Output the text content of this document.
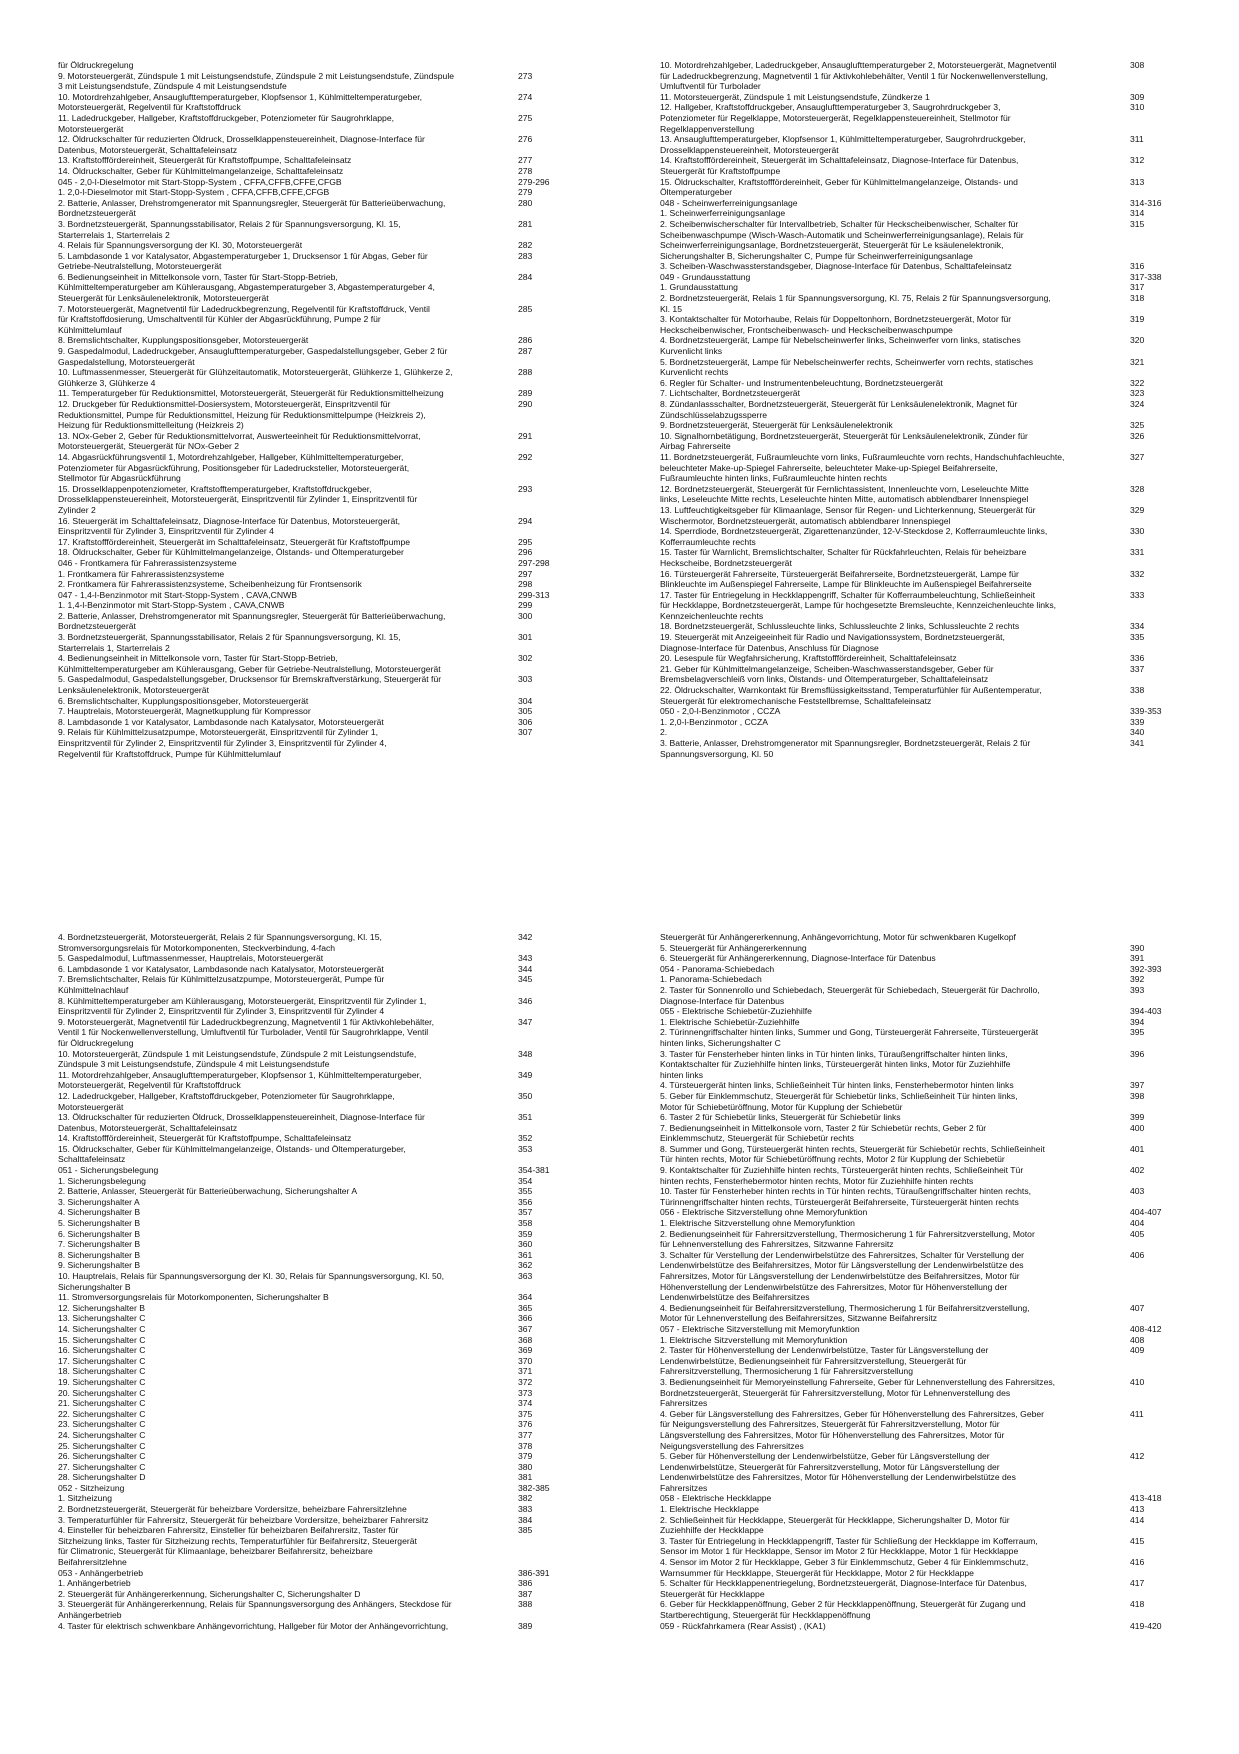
für Öldruckregelung
9. Motorsteuergerät, Zündspule 1 mit Leistungsendstufe, Zündspule 2 mit Leistungsendstufe, Zündspule	273
3 mit Leistungsendstufe, Zündspule 4 mit Leistungsendstufe
10. Motordrehzahlgeber, Ansauglufttemperaturgeber, Klopfsensor 1, Kühlmitteltemperaturgeber,	274
Motorsteuergerät, Regelventil für Kraftstoffdruck
11. Ladedruckgeber, Hallgeber, Kraftstoffdruckgeber, Potenziometer für Saugrohrklappe,	275
Motorsteuergerät
12. Öldruckschalter für reduzierten Öldruck, Drosselklappensteuereinheit, Diagnose-Interface für	276
Datenbus, Motorsteuergerät, Schalttafeleinsatz
13. Kraftstofffördereinheit, Steuergerät für Kraftstoffpumpe, Schalttafeleinsatz	277
14. Öldruckschalter, Geber für Kühlmittelmangelanzeige, Schalttafeleinsatz	278
045 - 2,0-l-Dieselmotor mit Start-Stopp-System , CFFA,CFFB,CFFE,CFGB	279-296
1. 2,0-l-Dieselmotor mit Start-Stopp-System , CFFA,CFFB,CFFE,CFGB	279
2. Batterie, Anlasser, Drehstromgenerator mit Spannungsregler, Steuergerät für Batterieüberwachung,	280
Bordnetzsteuergerät
3. Bordnetzsteuergerät, Spannungsstabilisator, Relais 2 für Spannungsversorgung, Kl. 15,	281
Starterrelais 1, Starterrelais 2
4. Relais für Spannungsversorgung der Kl. 30, Motorsteuergerät	282
5. Lambdasonde 1 vor Katalysator, Abgastemperaturgeber 1, Drucksensor 1 für Abgas, Geber für	283
Getriebe-Neutralstellung, Motorsteuergerät
6. Bedienungseinheit in Mittelkonsole vorn, Taster für Start-Stopp-Betrieb,	284
Kühlmitteltemperaturgeber am Kühlerausgang, Abgastemperaturgeber 3, Abgastemperaturgeber 4,
Steuergerät für Lenksäulenelektronik, Motorsteuergerät
7. Motorsteuergerät, Magnetventil für Ladedruckbegrenzung, Regelventil für Kraftstoffdruck, Ventil	285
für Kraftstoffdosierung, Umschaltventil für Kühler der Abgasrückführung, Pumpe 2 für
Kühlmittelumlauf
8. Bremslichtschalter, Kupplungspositionsgeber, Motorsteuergerät	286
9. Gaspedalmodul, Ladedruckgeber, Ansauglufttemperaturgeber, Gaspedalstellungsgeber, Geber 2 für	287
Gaspedalstellung, Motorsteuergerät
10. Luftmassenmesser, Steuergerät für Glühzeitautomatik, Motorsteuergerät, Glühkerze 1, Glühkerze 2,	288
Glühkerze 3, Glühkerze 4
11. Temperaturgeber für Reduktionsmittel, Motorsteuergerät, Steuergerät für Reduktionsmittelheizung	289
12. Druckgeber für Reduktionsmittel-Dosiersystem, Motorsteuergerät, Einspritzventil für	290
Reduktionsmittel, Pumpe für Reduktionsmittel, Heizung für Reduktionsmittelpumpe (Heizkreis 2),
Heizung für Reduktionsmittelleitung (Heizkreis 2)
13. NOx-Geber 2, Geber für Reduktionsmittelvorrat, Auswerteeinheit für Reduktionsmittelvorrat,	291
Motorsteuergerät, Steuergerät für NOx-Geber 2
14. Abgasrückführungsventil 1, Motordrehzahlgeber, Hallgeber, Kühlmitteltemperaturgeber,	292
Potenziometer für Abgasrückführung, Positionsgeber für Ladedrucksteller, Motorsteuergerät,
Stellmotor für Abgasrückführung
15. Drosselklappenpotenziometer, Kraftstofftemperaturgeber, Kraftstoffdruckgeber,	293
Drosselklappensteuereinheit, Motorsteuergerät, Einspritzventil für Zylinder 1, Einspritzventil für
Zylinder 2
16. Steuergerät im Schalttafeleinsatz, Diagnose-Interface für Datenbus, Motorsteuergerät,	294
Einspritzventil für Zylinder 3, Einspritzventil für Zylinder 4
17. Kraftstofffördereinheit, Steuergerät im Schalttafeleinsatz, Steuergerät für Kraftstoffpumpe	295
18. Öldruckschalter, Geber für Kühlmittelmangelanzeige, Ölstands- und Öltemperaturgeber	296
046 - Frontkamera für Fahrerassistenzsysteme	297-298
1. Frontkamera für Fahrerassistenzsysteme	297
2. Frontkamera für Fahrerassistenzsysteme, Scheibenheizung für Frontsensorik	298
047 - 1,4-l-Benzinmotor mit Start-Stopp-System , CAVA,CNWB	299-313
1. 1,4-l-Benzinmotor mit Start-Stopp-System , CAVA,CNWB	299
2. Batterie, Anlasser, Drehstromgenerator mit Spannungsregler, Steuergerät für Batterieüberwachung,	300
Bordnetzsteuergerät
3. Bordnetzsteuergerät, Spannungsstabilisator, Relais 2 für Spannungsversorgung, Kl. 15,	301
Starterrelais 1, Starterrelais 2
4. Bedienungseinheit in Mittelkonsole vorn, Taster für Start-Stopp-Betrieb,	302
Kühlmitteltemperaturgeber am Kühlerausgang, Geber für Getriebe-Neutralstellung, Motorsteuergerät
5. Gaspedalmodul, Gaspedalstellungsgeber, Drucksensor für Bremskraftverstärkung, Steuergerät für	303
Lenksäulenelektronik, Motorsteuergerät
6. Bremslichtschalter, Kupplungspositionsgeber, Motorsteuergerät	304
7. Hauptrelais, Motorsteuergerät, Magnetkupplung für Kompressor	305
8. Lambdasonde 1 vor Katalysator, Lambdasonde nach Katalysator, Motorsteuergerät	306
9. Relais für Kühlmittelzusatzpumpe, Motorsteuergerät, Einspritzventil für Zylinder 1,	307
Einspritzventil für Zylinder 2, Einspritzventil für Zylinder 3, Einspritzventil für Zylinder 4,
Regelventil für Kraftstoffdruck, Pumpe für Kühlmittelumlauf
10. Motordrehzahlgeber, Ladedruckgeber, Ansauglufttemperaturgeber 2, Motorsteuergerät, Magnetventil	308
für Ladedruckbegrenzung, Magnetventil 1 für Aktivkohlebehälter, Ventil 1 für Nockenwellenverstellung,
Umluftventil für Turbolader
11. Motorsteuergerät, Zündspule 1 mit Leistungsendstufe, Zündkerze 1	309
12. Hallgeber, Kraftstoffdruckgeber, Ansauglufttemperaturgeber 3, Saugrohrdruckgeber 3,	310
Potenziometer für Regelklappe, Motorsteuergerät, Regelklappensteuereinheit, Stellmotor für
Regelklappenverstellung
13. Ansauglufttemperaturgeber, Klopfsensor 1, Kühlmitteltemperaturgeber, Saugrohrdruckgeber,	311
Drosselklappensteuereinheit, Motorsteuergerät
14. Kraftstofffördereinheit, Steuergerät im Schalttafeleinsatz, Diagnose-Interface für Datenbus,	312
Steuergerät für Kraftstoffpumpe
15. Öldruckschalter, Kraftstofffördereinheit, Geber für Kühlmittelmangelanzeige, Ölstands- und	313
Öltemperaturgeber
048 - Scheinwerferreinigungsanlage	314-316
1. Scheinwerferreinigungsanlage	314
2. Scheibenwischerschalter für Intervallbetrieb, Schalter für Heckscheibenwischer, Schalter für	315
Scheibenwaschpumpe (Wisch-Wasch-Automatik und Scheinwerferreinigungsanlage), Relais für
Scheinwerferreinigungsanlage, Bordnetzsteuergerät, Steuergerät für Le ksäulenelektronik,
Sicherungshalter B, Sicherungshalter C, Pumpe für Scheinwerferreinigungsanlage
3. Scheiben-Waschwassterstandsgeber, Diagnose-Interface für Datenbus, Schalttafeleinsatz	316
049 - Grundausstattung	317-338
1. Grundausstattung	317
2. Bordnetzsteuergerät, Relais 1 für Spannungsversorgung, Kl. 75, Relais 2 für Spannungsversorgung,	318
Kl. 15
3. Kontaktschalter für Motorhaube, Relais für Doppeltonhorn, Bordnetzsteuergerät, Motor für	319
Heckscheibenwischer, Frontscheibenwasch- und Heckscheibenwaschpumpe
4. Bordnetzsteuergerät, Lampe für Nebelscheinwerfer links, Scheinwerfer vorn links, statisches	320
Kurvenlicht links
5. Bordnetzsteuergerät, Lampe für Nebelscheinwerfer rechts, Scheinwerfer vorn rechts, statisches	321
Kurvenlicht rechts
6. Regler für Schalter- und Instrumentenbeleuchtung, Bordnetzsteuergerät	322
7. Lichtschalter, Bordnetzsteuergerät	323
8. Zündanlassschalter, Bordnetzsteuergerät, Steuergerät für Lenksäulenelektronik, Magnet für	324
Zündschlüsselabzugssperre
9. Bordnetzsteuergerät, Steuergerät für Lenksäulenelektronik	325
10. Signalhornbetätigung, Bordnetzsteuergerät, Steuergerät für Lenksäulenelektronik, Zünder für	326
Airbag Fahrerseite
11. Bordnetzsteuergerät, Fußraumleuchte vorn links, Fußraumleuchte vorn rechts, Handschuhfachleuchte,	327
beleuchteter Make-up-Spiegel Fahrerseite, beleuchteter Make-up-Spiegel Beifahrerseite,
Fußraumleuchte hinten links, Fußraumleuchte hinten rechts
12. Bordnetzsteuergerät, Steuergerät für Fernlichtassistent, Innenleuchte vorn, Leseleuchte Mitte	328
links, Leseleuchte Mitte rechts, Leseleuchte hinten Mitte, automatisch abblendbarer Innenspiegel
13. Luftfeuchtigkeitsgeber für Klimaanlage, Sensor für Regen- und Lichterkennung, Steuergerät für	329
Wischermotor, Bordnetzsteuergerät, automatisch abblendbarer Innenspiegel
14. Sperrdiode, Bordnetzsteuergerät, Zigarettenanzünder, 12-V-Steckdose 2, Kofferraumleuchte links,	330
Kofferraumleuchte rechts
15. Taster für Warnlicht, Bremslichtschalter, Schalter für Rückfahrleuchten, Relais für beheizbare	331
Heckscheibe, Bordnetzsteuergerät
16. Türsteuergerät Fahrerseite, Türsteuergerät Beifahrerseite, Bordnetzsteuergerät, Lampe für	332
Blinkleuchte im Außenspiegel Fahrerseite, Lampe für Blinkleuchte im Außenspiegel Beifahrerseite
17. Taster für Entriegelung in Heckklappengriff, Schalter für Kofferraumbeleuchtung, Schließeinheit	333
für Heckklappe, Bordnetzsteuergerät, Lampe für hochgesetzte Bremsleuchte, Kennzeichenleuchte links,
Kennzeichenleuchte rechts
18. Bordnetzsteuergerät, Schlussleuchte links, Schlussleuchte 2 links, Schlussleuchte 2 rechts	334
19. Steuergerät mit Anzeigeeinheit für Radio und Navigationssystem, Bordnetzsteuergerät,	335
Diagnose-Interface für Datenbus, Anschluss für Diagnose
20. Lesespule für Wegfahrsicherung, Kraftstofffördereinheit, Schalttafeleinsatz	336
21. Geber für Kühlmittelmangelanzeige, Scheiben-Waschwasserstandsgeber, Geber für	337
Bremsbelagverschleiß vorn links, Ölstands- und Öltemperaturgeber, Schalttafeleinsatz
22. Öldruckschalter, Warnkontakt für Bremsflüssigkeitsstand, Temperaturfühler für Außentemperatur,	338
Steuergerät für elektromechanische Feststellbremse, Schalttafeleinsatz
050 - 2,0-l-Benzinmotor , CCZA	339-353
1. 2,0-l-Benzinmotor , CCZA	339
2.	340
3. Batterie, Anlasser, Drehstromgenerator mit Spannungsregler, Bordnetzsteuergerät, Relais 2 für	341
Spannungsversorgung, Kl. 50
4. Bordnetzsteuergerät, Motorsteuergerät, Relais 2 für Spannungsversorgung, Kl. 15,	342
Stromversorgungsrelais für Motorkomponenten, Steckverbindung, 4-fach
5. Gaspedalmodul, Luftmassenmesser, Hauptrelais, Motorsteuergerät	343
6. Lambdasonde 1 vor Katalysator, Lambdasonde nach Katalysator, Motorsteuergerät	344
7. Bremslichtschalter, Relais für Kühlmittelzusatzpumpe, Motorsteuergerät, Pumpe für	345
Kühlmittelnachlauf
8. Kühlmitteltemperaturgeber am Kühlerausgang, Motorsteuergerät, Einspritzventil für Zylinder 1,	346
Einspritzventil für Zylinder 2, Einspritzventil für Zylinder 3, Einspritzventil für Zylinder 4
9. Motorsteuergerät, Magnetventil für Ladedruckbegrenzung, Magnetventil 1 für Aktivkohlebehälter,	347
Ventil 1 für Nockenwellenverstellung, Umluftventil für Turbolader, Ventil für Saugrohrklappe, Ventil
für Öldruckregelung
10. Motorsteuergerät, Zündspule 1 mit Leistungsendstufe, Zündspule 2 mit Leistungsendstufe,	348
Zündspule 3 mit Leistungsendstufe, Zündspule 4 mit Leistungsendstufe
11. Motordrehzahlgeber, Ansauglufttemperaturgeber, Klopfsensor 1, Kühlmitteltemperaturgeber,	349
Motorsteuergerät, Regelventil für Kraftstoffdruck
12. Ladedruckgeber, Hallgeber, Kraftstoffdruckgeber, Potenziometer für Saugrohrklappe,	350
Motorsteuergerät
13. Öldruckschalter für reduzierten Öldruck, Drosselklappensteuereinheit, Diagnose-Interface für	351
Datenbus, Motorsteuergerät, Schalttafeleinsatz
14. Kraftstofffördereinheit, Steuergerät für Kraftstoffpumpe, Schalttafeleinsatz	352
15. Öldruckschalter, Geber für Kühlmittelmangelanzeige, Ölstands- und Öltemperaturgeber,	353
Schalttafeleinsatz
051 - Sicherungsbelegung	354-381
1. Sicherungsbelegung	354
2. Batterie, Anlasser, Steuergerät für Batterieüberwachung, Sicherungshalter A	355
3. Sicherungshalter A	356
4. Sicherungshalter B	357
5. Sicherungshalter B	358
6. Sicherungshalter B	359
7. Sicherungshalter B	360
8. Sicherungshalter B	361
9. Sicherungshalter B	362
10. Hauptrelais, Relais für Spannungsversorgung der Kl. 30, Relais für Spannungsversorgung, Kl. 50,	363
Sicherungshalter B
11. Stromversorgungsrelais für Motorkomponenten, Sicherungshalter B	364
12. Sicherungshalter B	365
13. Sicherungshalter C	366
14. Sicherungshalter C	367
15. Sicherungshalter C	368
16. Sicherungshalter C	369
17. Sicherungshalter C	370
18. Sicherungshalter C	371
19. Sicherungshalter C	372
20. Sicherungshalter C	373
21. Sicherungshalter C	374
22. Sicherungshalter C	375
23. Sicherungshalter C	376
24. Sicherungshalter C	377
25. Sicherungshalter C	378
26. Sicherungshalter C	379
27. Sicherungshalter C	380
28. Sicherungshalter D	381
052 - Sitzheizung	382-385
1. Sitzheizung	382
2. Bordnetzsteuergerät, Steuergerät für beheizbare Vordersitze, beheizbare Fahrersitzlehne	383
3. Temperaturfühler für Fahrersitz, Steuergerät für beheizbare Vordersitze, beheizbarer Fahrersitz	384
4. Einsteller für beheizbaren Fahrersitz, Einsteller für beheizbaren Beifahrersitz, Taster für	385
Sitzheizung links, Taster für Sitzheizung rechts, Temperaturfühler für Beifahrersitz, Steuergerät
für Climatronic, Steuergerät für Klimaanlage, beheizbarer Beifahrersitz, beheizbare
Beifahrersitzlehne
053 - Anhängerbetrieb	386-391
1. Anhängerbetrieb	386
2. Steuergerät für Anhängererkennung, Sicherungshalter C, Sicherungshalter D	387
3. Steuergerät für Anhängererkennung, Relais für Spannungsversorgung des Anhängers, Steckdose für	388
Anhängerbetrieb
4. Taster für elektrisch schwenkbare Anhängevorrichtung, Hallgeber für Motor der Anhängevorrichtung,	389
Steuergerät für Anhängererkennung, Anhängevorrichtung, Motor für schwenkbaren Kugelkopf
5. Steuergerät für Anhängererkennung	390
6. Steuergerät für Anhängererkennung, Diagnose-Interface für Datenbus	391
054 - Panorama-Schiebedach	392-393
1. Panorama-Schiebedach	392
2. Taster für Sonnenrollo und Schiebedach, Steuergerät für Schiebedach, Steuergerät für Dachrollo,	393
Diagnose-Interface für Datenbus
055 - Elektrische Schiebetür-Zuziehhilfe	394-403
1. Elektrische Schiebetür-Zuziehhilfe	394
2. Türinnengriffschalter hinten links, Summer und Gong, Türsteuergerät Fahrerseite, Türsteuergerät	395
hinten links, Sicherungshalter C
3. Taster für Fensterheber hinten links in Tür hinten links, Türaußengriffschalter hinten links,	396
Kontaktschalter für Zuziehhilfe hinten links, Türsteuergerät hinten links, Motor für Zuziehhilfe
hinten links
4. Türsteuergerät hinten links, Schließeinheit Tür hinten links, Fensterhebermotor hinten links	397
5. Geber für Einklemmschutz, Steuergerät für Schiebetür links, Schließeinheit Tür hinten links,	398
Motor für Schiebetüröffnung, Motor für Kupplung der Schiebetür
6. Taster 2 für Schiebetür links, Steuergerät für Schiebetür links	399
7. Bedienungseinheit in Mittelkonsole vorn, Taster 2 für Schiebetür rechts, Geber 2 für	400
Einklemmschutz, Steuergerät für Schiebetür rechts
8. Summer und Gong, Türsteuergerät hinten rechts, Steuergerät für Schiebetür rechts, Schließeinheit	401
Tür hinten rechts, Motor für Schiebetüröffnung rechts, Motor 2 für Kupplung der Schiebetür
9. Kontaktschalter für Zuziehhilfe hinten rechts, Türsteuergerät hinten rechts, Schließeinheit Tür	402
hinten rechts, Fensterhebermotor hinten rechts, Motor für Zuziehhilfe hinten rechts
10. Taster für Fensterheber hinten rechts in Tür hinten rechts, Türaußengriffschalter hinten rechts,	403
Türinnengriffschalter hinten rechts, Türsteuergerät Beifahrerseite, Türsteuergerät hinten rechts
056 - Elektrische Sitzverstellung ohne Memoryfunktion	404-407
1. Elektrische Sitzverstellung ohne Memoryfunktion	404
2. Bedienungseinheit für Fahrersitzverstellung, Thermosicherung 1 für Fahrersitzverstellung, Motor	405
für Lehnenverstellung des Fahrersitzes, Sitzwanne Fahrersitz
3. Schalter für Verstellung der Lendenwirbelstütze des Fahrersitzes, Schalter für Verstellung der	406
Lendenwirbelstütze des Beifahrersitzes, Motor für Längsverstellung der Lendenwirbelstütze des
Fahrersitzes, Motor für Längsverstellung der Lendenwirbelstütze des Beifahrersitzes, Motor für
Höhenverstellung der Lendenwirbelstütze des Fahrersitzes, Motor für Höhenverstellung der
Lendenwirbelstütze des Beifahrersitzes
4. Bedienungseinheit für Beifahrersitzverstellung, Thermosicherung 1 für Beifahrersitzverstellung,	407
Motor für Lehnenverstellung des Beifahrersitzes, Sitzwanne Beifahrersitz
057 - Elektrische Sitzverstellung mit Memoryfunktion	408-412
1. Elektrische Sitzverstellung mit Memoryfunktion	408
2. Taster für Höhenverstellung der Lendenwirbelstütze, Taster für Längsverstellung der	409
Lendenwirbelstütze, Bedienungseinheit für Fahrersitzverstellung, Steuergerät für
Fahrersitzverstellung, Thermosicherung 1 für Fahrersitzverstellung
3. Bedienungseinheit für Memoryeinstellung Fahrerseite, Geber für Lehnenverstellung des Fahrersitzes,	410
Bordnetzsteuergerät, Steuergerät für Fahrersitzverstellung, Motor für Lehnenverstellung des
Fahrersitzes
4. Geber für Längsverstellung des Fahrersitzes, Geber für Höhenverstellung des Fahrersitzes, Geber	411
für Neigungsverstellung des Fahrersitzes, Steuergerät für Fahrersitzverstellung, Motor für
Längsverstellung des Fahrersitzes, Motor für Höhenverstellung des Fahrersitzes, Motor für
Neigungsverstellung des Fahrersitzes
5. Geber für Höhenverstellung der Lendenwirbelstütze, Geber für Längsverstellung der	412
Lendenwirbelstütze, Steuergerät für Fahrersitzverstellung, Motor für Längsverstellung der
Lendenwirbelstütze des Fahrersitzes, Motor für Höhenverstellung der Lendenwirbelstütze des
Fahrersitzes
058 - Elektrische Heckklappe	413-418
1. Elektrische Heckklappe	413
2. Schließeinheit für Heckklappe, Steuergerät für Heckklappe, Sicherungshalter D, Motor für	414
Zuziehhilfe der Heckklappe
3. Taster für Entriegelung in Heckklappengriff, Taster für Schließung der Heckklappe im Kofferraum,	415
Sensor im Motor 1 für Heckklappe, Sensor im Motor 2 für Heckklappe, Motor 1 für Heckklappe
4. Sensor im Motor 2 für Heckklappe, Geber 3 für Einklemmschutz, Geber 4 für Einklemmschutz,	416
Warnsummer für Heckklappe, Steuergerät für Heckklappe, Motor 2 für Heckklappe
5. Schalter für Heckklappenentriegelung, Bordnetzsteuergerät, Diagnose-Interface für Datenbus,	417
Steuergerät für Heckklappe
6. Geber für Heckklappenöffnung, Geber 2 für Heckklappenöffnung, Steuergerät für Zugang und	418
Startberechtigung, Steuergerät für Heckklappenöffnung
059 - Rückfahrkamera (Rear Assist) , (KA1)	419-420
